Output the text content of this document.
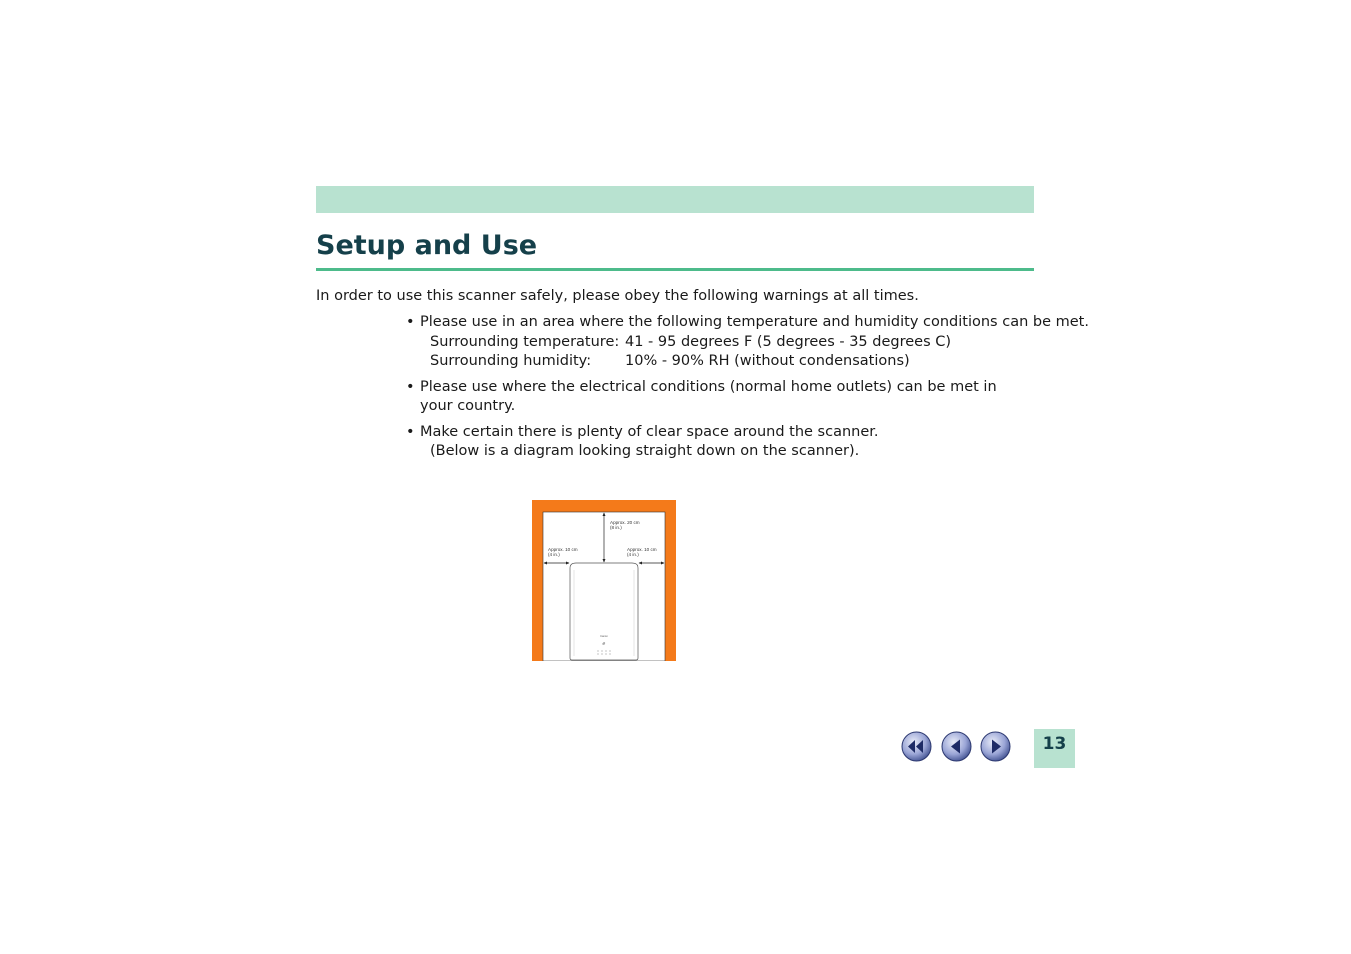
Setup and Use
In order to use this scanner safely, please obey the following warnings at all times.
• Please use in an area where the following temperature and humidity conditions can be met.
Surrounding temperature: 41 - 95 degrees F (5 degrees - 35 degrees C)
Surrounding humidity: 10% - 90% RH (without condensations)
• Please use where the electrical conditions (normal home outlets) can be met in your country.
• Make certain there is plenty of clear space around the scanner.
(Below is a diagram looking straight down on the scanner).
Canon
ℯ
Approx. 20 cm
(8 in.)
Approx. 10 cm
(4 in.)
Approx. 10 cm
(4 in.)
13
